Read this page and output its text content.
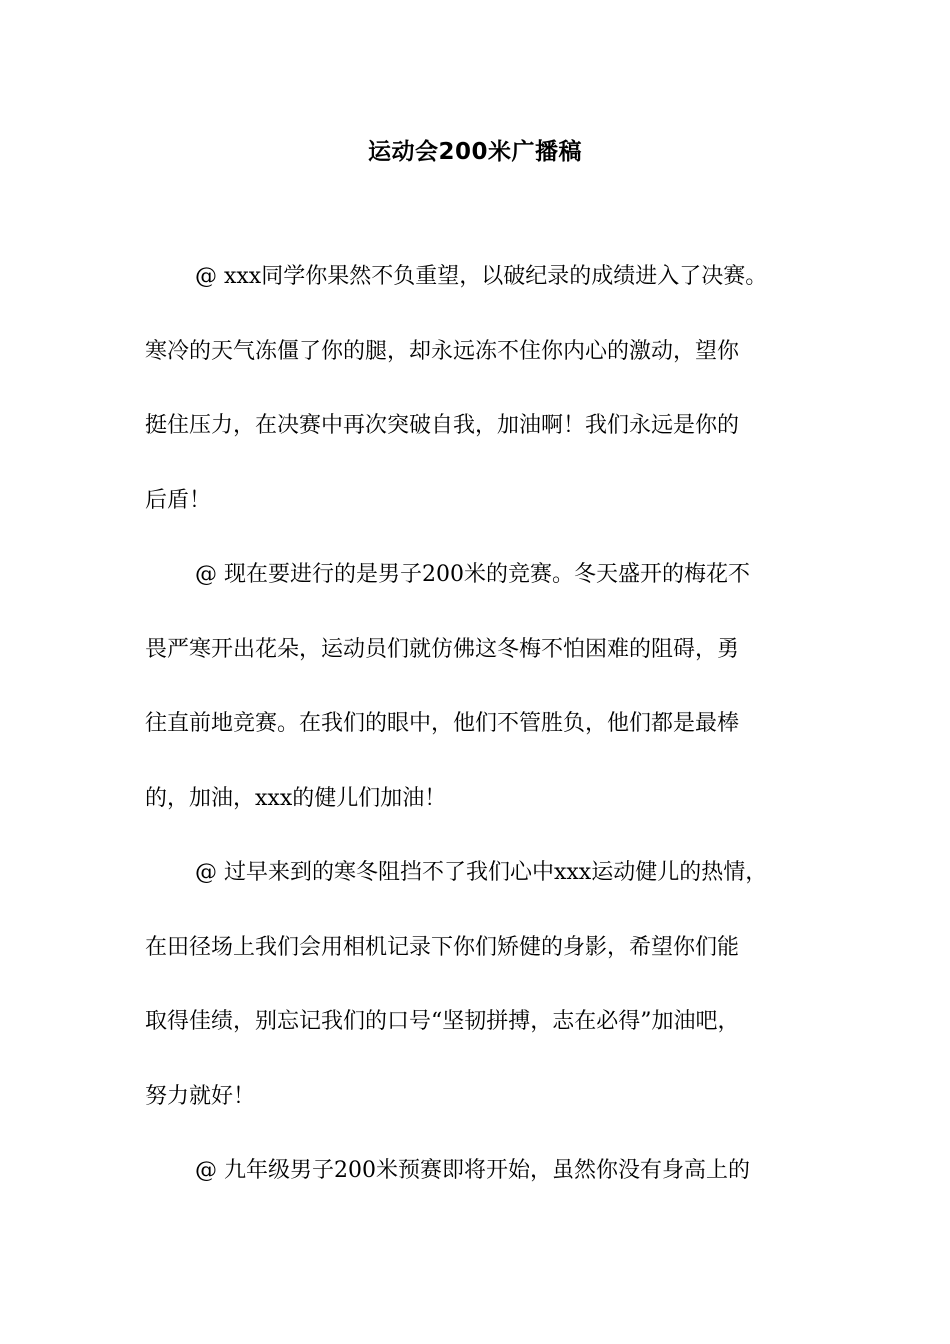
运动会200米广播稿
@ xxx同学你果然不负重望，以破纪录的成绩进入了决赛。
寒冷的天气冻僵了你的腿，却永远冻不住你内心的激动，望你
挺住压力，在决赛中再次突破自我，加油啊！我们永远是你的
后盾！
@ 现在要进行的是男子200米的竞赛。冬天盛开的梅花不
畏严寒开出花朵，运动员们就仿佛这冬梅不怕困难的阻碍，勇
往直前地竞赛。在我们的眼中，他们不管胜负，他们都是最棒
的，加油，xxx的健儿们加油！
@ 过早来到的寒冬阻挡不了我们心中xxx运动健儿的热情，
在田径场上我们会用相机记录下你们矫健的身影，希望你们能
取得佳绩，别忘记我们的口号“坚韧拼搏，志在必得”加油吧，
努力就好！
@ 九年级男子200米预赛即将开始，虽然你没有身高上的
